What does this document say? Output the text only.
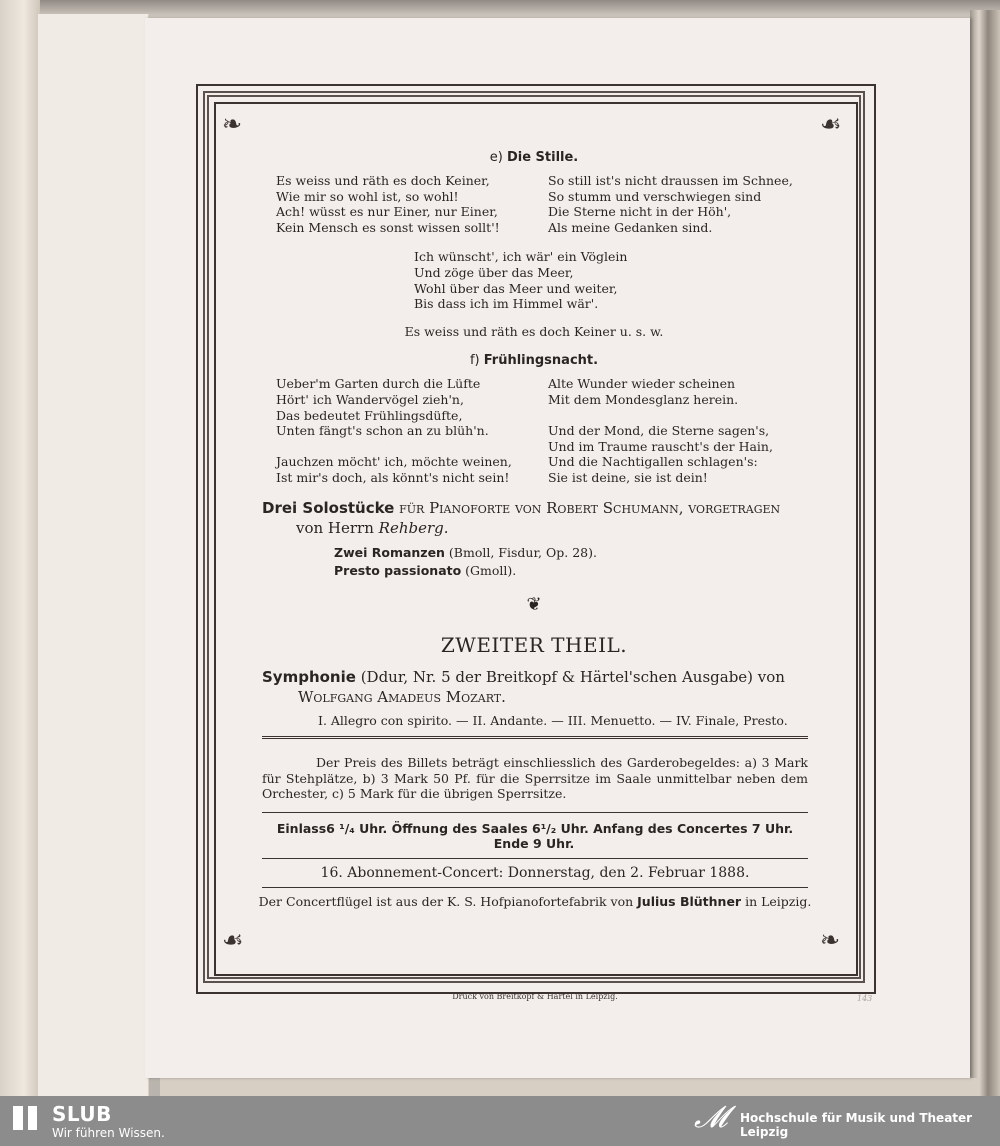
❧	☙
☙	❧
e) Die Stille.
Es weiss und räth es doch Keiner,
Wie mir so wohl ist, so wohl!
Ach! wüsst es nur Einer, nur Einer,
Kein Mensch es sonst wissen sollt'!
So still ist's nicht draussen im Schnee,
So stumm und verschwiegen sind
Die Sterne nicht in der Höh',
Als meine Gedanken sind.
Ich wünscht', ich wär' ein Vöglein
Und zöge über das Meer,
Wohl über das Meer und weiter,
Bis dass ich im Himmel wär'.
Es weiss und räth es doch Keiner u. s. w.
f) Frühlingsnacht.
Ueber'm Garten durch die Lüfte
Hört' ich Wandervögel zieh'n,
Das bedeutet Frühlingsdüfte,
Unten fängt's schon an zu blüh'n.
Jauchzen möcht' ich, möchte weinen,
Ist mir's doch, als könnt's nicht sein!
Alte Wunder wieder scheinen
Mit dem Mondesglanz herein.
Und der Mond, die Sterne sagen's,
Und im Traume rauscht's der Hain,
Und die Nachtigallen schlagen's:
Sie ist deine, sie ist dein!
Drei Solostücke für Pianoforte von Robert Schumann, vorgetragen
von Herrn Rehberg.
Zwei Romanzen (Bmoll, Fisdur, Op. 28).
Presto passionato (Gmoll).
❦
ZWEITER THEIL.
Symphonie (Ddur, Nr. 5 der Breitkopf & Härtel'schen Ausgabe) von
Wolfgang Amadeus Mozart.
I. Allegro con spirito. — II. Andante. — III. Menuetto. — IV. Finale, Presto.
Der Preis des Billets beträgt einschliesslich des Garderobegeldes: a) 3 Mark für Stehplätze, b) 3 Mark 50 Pf. für die Sperrsitze im Saale unmittelbar neben dem Orchester, c) 5 Mark für die übrigen Sperrsitze.
Einlass6 ¹/₄ Uhr. Öffnung des Saales 6¹/₂ Uhr. Anfang des Concertes 7 Uhr.
Ende 9 Uhr.
16. Abonnement-Concert: Donnerstag, den 2. Februar 1888.
Der Concertflügel ist aus der K. S. Hofpianofortefabrik von Julius Blüthner in Leipzig.
Druck von Breitkopf & Härtel in Leipzig.	143
SLUB
Wir führen Wissen.	𝓜 Hochschule für Musik und Theater Leipzig
